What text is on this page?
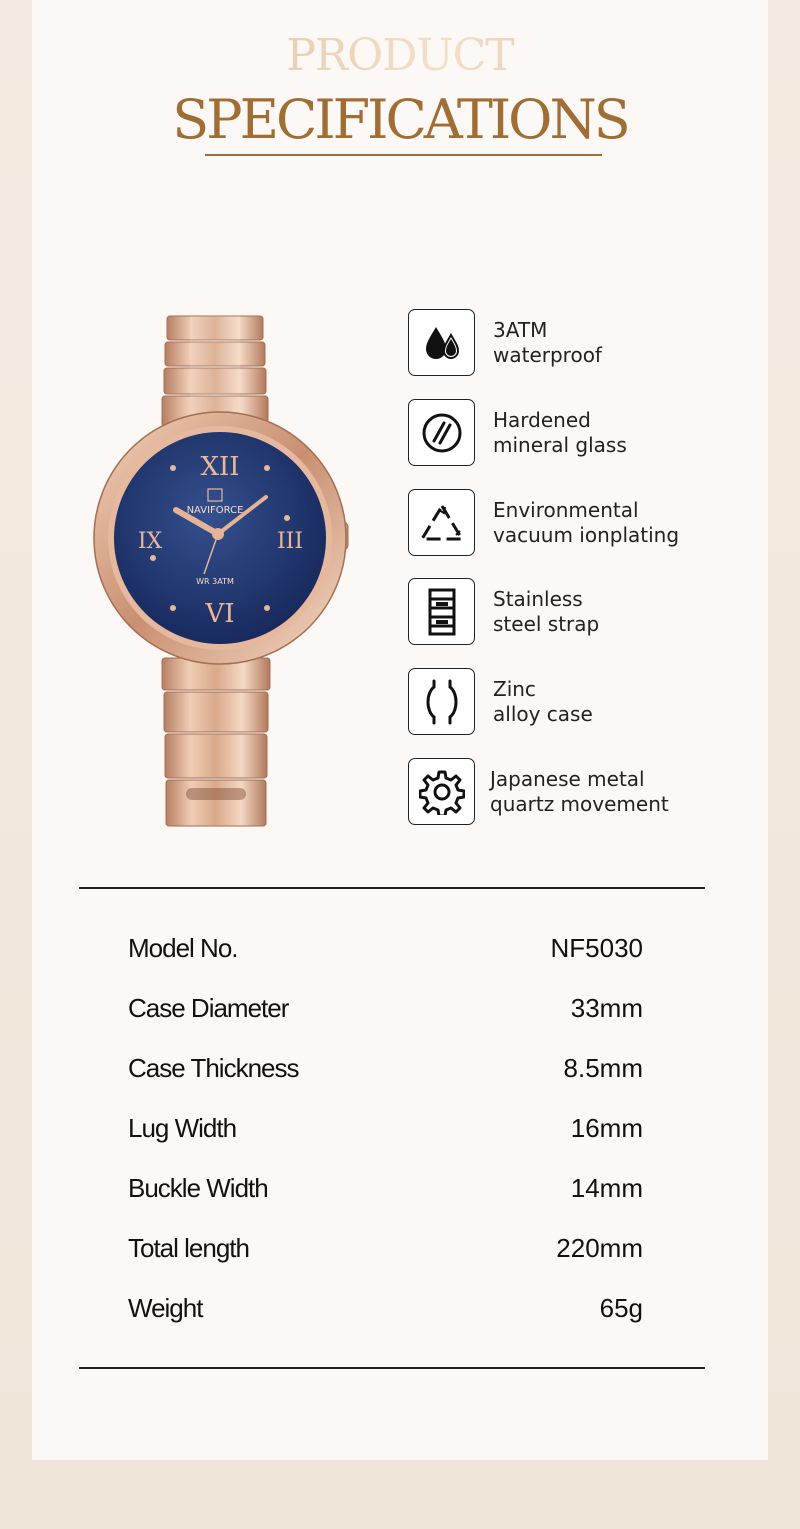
PRODUCT
SPECIFICATIONS
XII
III
VI
IX
NAVIFORCE
WR 3ATM
3ATM
waterproof
Hardened
mineral glass
Environmental
vacuum ionplating
Stainless
steel strap
Zinc
alloy case
Japanese metal
quartz movement
Model No.	NF5030
Case Diameter	33mm
Case Thickness	8.5mm
Lug Width	16mm
Buckle Width	14mm
Total length	220mm
Weight	65g
